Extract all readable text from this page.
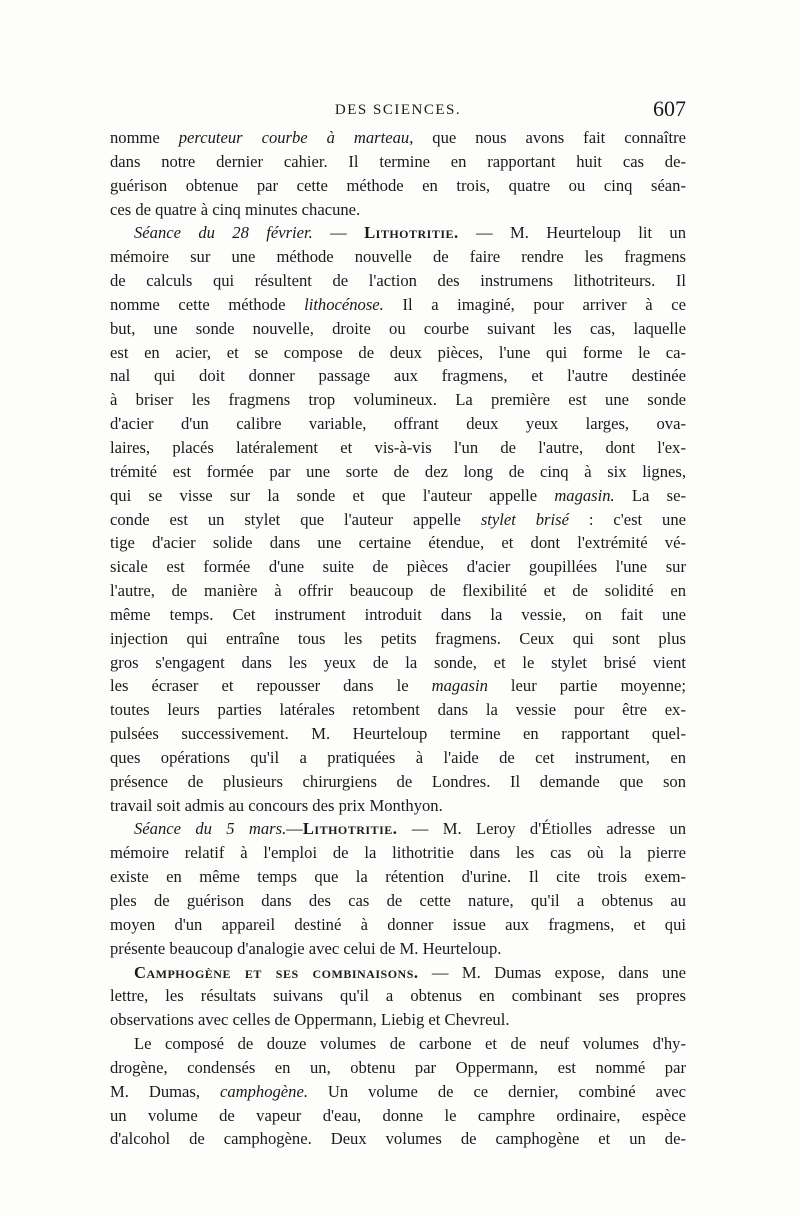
DES SCIENCES.	607
nomme percuteur courbe à marteau, que nous avons fait connaître
dans notre dernier cahier. Il termine en rapportant huit cas de-
guérison obtenue par cette méthode en trois, quatre ou cinq séan-
ces de quatre à cinq minutes chacune.
Séance du 28 février. — Lithotritie. — M. Heurteloup lit un
mémoire sur une méthode nouvelle de faire rendre les fragmens
de calculs qui résultent de l'action des instrumens lithotriteurs. Il
nomme cette méthode lithocénose. Il a imaginé, pour arriver à ce
but, une sonde nouvelle, droite ou courbe suivant les cas, laquelle
est en acier, et se compose de deux pièces, l'une qui forme le ca-
nal qui doit donner passage aux fragmens, et l'autre destinée
à briser les fragmens trop volumineux. La première est une sonde
d'acier d'un calibre variable, offrant deux yeux larges, ova-
laires, placés latéralement et vis-à-vis l'un de l'autre, dont l'ex-
trémité est formée par une sorte de dez long de cinq à six lignes,
qui se visse sur la sonde et que l'auteur appelle magasin. La se-
conde est un stylet que l'auteur appelle stylet brisé : c'est une
tige d'acier solide dans une certaine étendue, et dont l'extrémité vé-
sicale est formée d'une suite de pièces d'acier goupillées l'une sur
l'autre, de manière à offrir beaucoup de flexibilité et de solidité en
même temps. Cet instrument introduit dans la vessie, on fait une
injection qui entraîne tous les petits fragmens. Ceux qui sont plus
gros s'engagent dans les yeux de la sonde, et le stylet brisé vient
les écraser et repousser dans le magasin leur partie moyenne;
toutes leurs parties latérales retombent dans la vessie pour être ex-
pulsées successivement. M. Heurteloup termine en rapportant quel-
ques opérations qu'il a pratiquées à l'aide de cet instrument, en
présence de plusieurs chirurgiens de Londres. Il demande que son
travail soit admis au concours des prix Monthyon.
Séance du 5 mars.—Lithotritie. — M. Leroy d'Étiolles adresse un
mémoire relatif à l'emploi de la lithotritie dans les cas où la pierre
existe en même temps que la rétention d'urine. Il cite trois exem-
ples de guérison dans des cas de cette nature, qu'il a obtenus au
moyen d'un appareil destiné à donner issue aux fragmens, et qui
présente beaucoup d'analogie avec celui de M. Heurteloup.
Camphogène et ses combinaisons. — M. Dumas expose, dans une
lettre, les résultats suivans qu'il a obtenus en combinant ses propres
observations avec celles de Oppermann, Liebig et Chevreul.
Le composé de douze volumes de carbone et de neuf volumes d'hy-
drogène, condensés en un, obtenu par Oppermann, est nommé par
M. Dumas, camphogène. Un volume de ce dernier, combiné avec
un volume de vapeur d'eau, donne le camphre ordinaire, espèce
d'alcohol de camphogène. Deux volumes de camphogène et un de-
